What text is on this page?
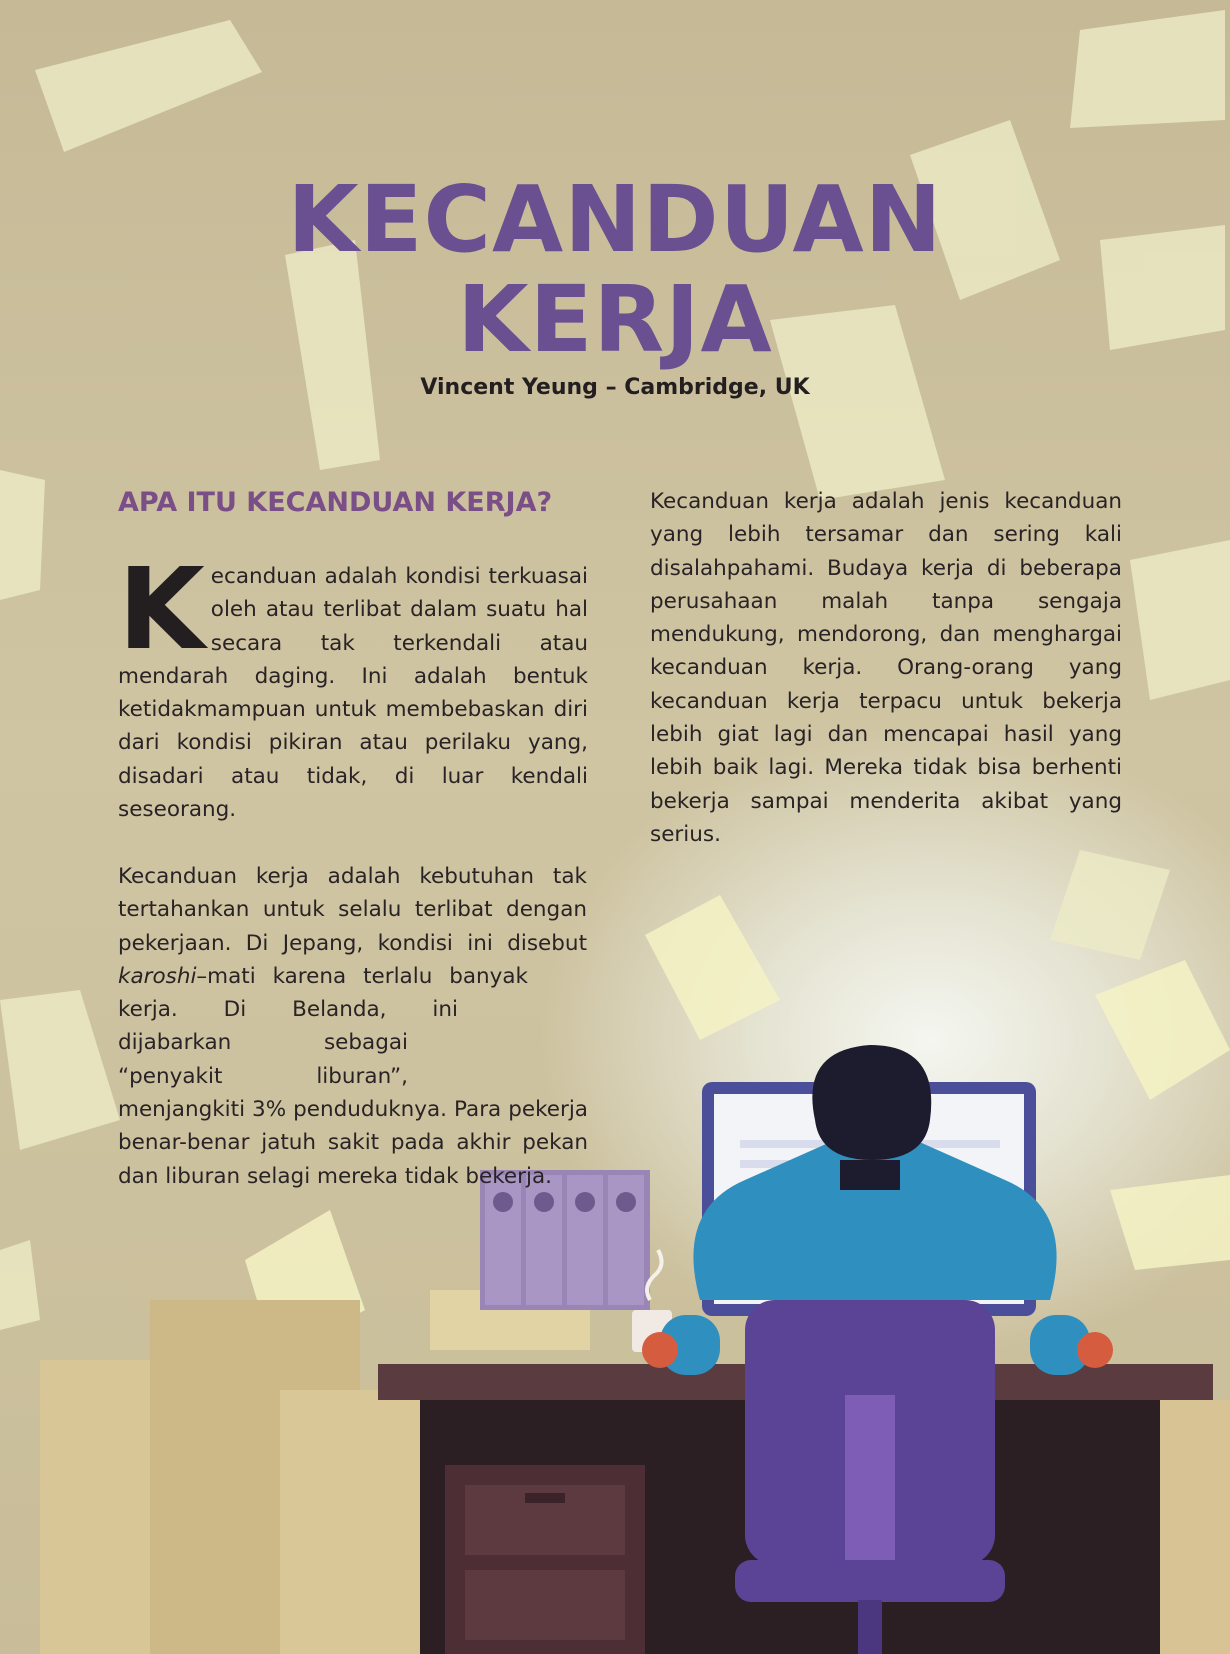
KECANDUAN
KERJA

Vincent Yeung – Cambridge, UK

APA ITU KECANDUAN KERJA?

Kecanduan adalah kondisi terkuasai oleh atau terlibat dalam suatu hal secara tak terkendali atau mendarah daging. Ini adalah bentuk ketidakmampuan untuk membebaskan diri dari kondisi pikiran atau perilaku yang, disadari atau tidak, di luar kendali seseorang.

Kecanduan kerja adalah kebutuhan tak tertahankan untuk selalu terlibat dengan pekerjaan. Di Jepang, kondisi ini disebut karoshi–mati karena terlalu banyak kerja. Di Belanda, ini dijabarkan sebagai “penyakit liburan”, menjangkiti 3% penduduknya. Para pekerja benar-benar jatuh sakit pada akhir pekan dan liburan selagi mereka tidak bekerja.

Kecanduan kerja adalah jenis kecanduan yang lebih tersamar dan sering kali disalahpahami. Budaya kerja di beberapa perusahaan malah tanpa sengaja mendukung, mendorong, dan menghargai kecanduan kerja. Orang-orang yang kecanduan kerja terpacu untuk bekerja lebih giat lagi dan mencapai hasil yang lebih baik lagi. Mereka tidak bisa berhenti bekerja sampai menderita akibat yang serius.
